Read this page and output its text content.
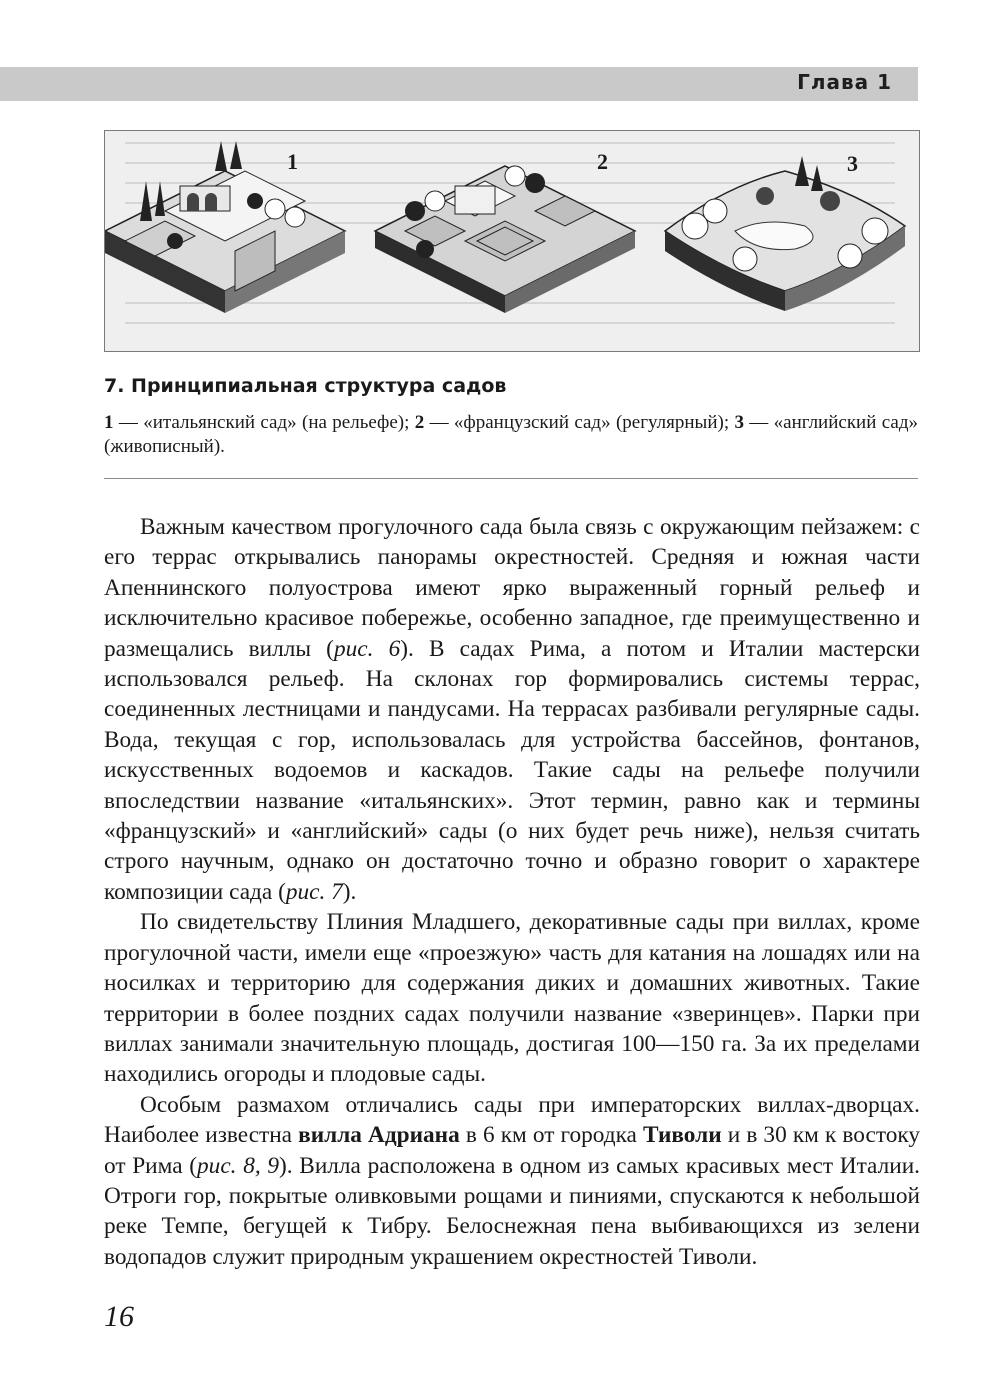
Глава 1
1	2	3
7. Принципиальная структура садов
1 — «итальянский сад» (на рельефе); 2 — «французский сад» (регулярный); 3 — «английский сад» (живописный).

Важным качеством прогулочного сада была связь с окружающим пейзажем: с его террас открывались панорамы окрестностей. Средняя и южная части Апеннинского полуострова имеют ярко выраженный горный рельеф и исключительно красивое побережье, особенно западное, где преимущественно и размещались виллы (рис. 6). В садах Рима, а потом и Италии мастерски использовался рельеф. На склонах гор формировались системы террас, соединенных лестницами и пандусами. На террасах разбивали регулярные сады. Вода, текущая с гор, использовалась для устройства бассейнов, фонтанов, искусственных водоемов и каскадов. Такие сады на рельефе получили впоследствии название «итальянских». Этот термин, равно как и термины «французский» и «английский» сады (о них будет речь ниже), нельзя считать строго научным, однако он достаточно точно и образно говорит о характере композиции сада (рис. 7).

По свидетельству Плиния Младшего, декоративные сады при виллах, кроме прогулочной части, имели еще «проезжую» часть для катания на лошадях или на носилках и территорию для содержания диких и домашних животных. Такие территории в более поздних садах получили название «зверинцев». Парки при виллах занимали значительную площадь, достигая 100—150 га. За их пределами находились огороды и плодовые сады.

Особым размахом отличались сады при императорских виллах-дворцах. Наиболее известна вилла Адриана в 6 км от городка Тиволи и в 30 км к востоку от Рима (рис. 8, 9). Вилла расположена в одном из самых красивых мест Италии. Отроги гор, покрытые оливковыми рощами и пиниями, спускаются к небольшой реке Темпе, бегущей к Тибру. Белоснежная пена выбивающихся из зелени водопадов служит природным украшением окрестностей Тиволи.

16
